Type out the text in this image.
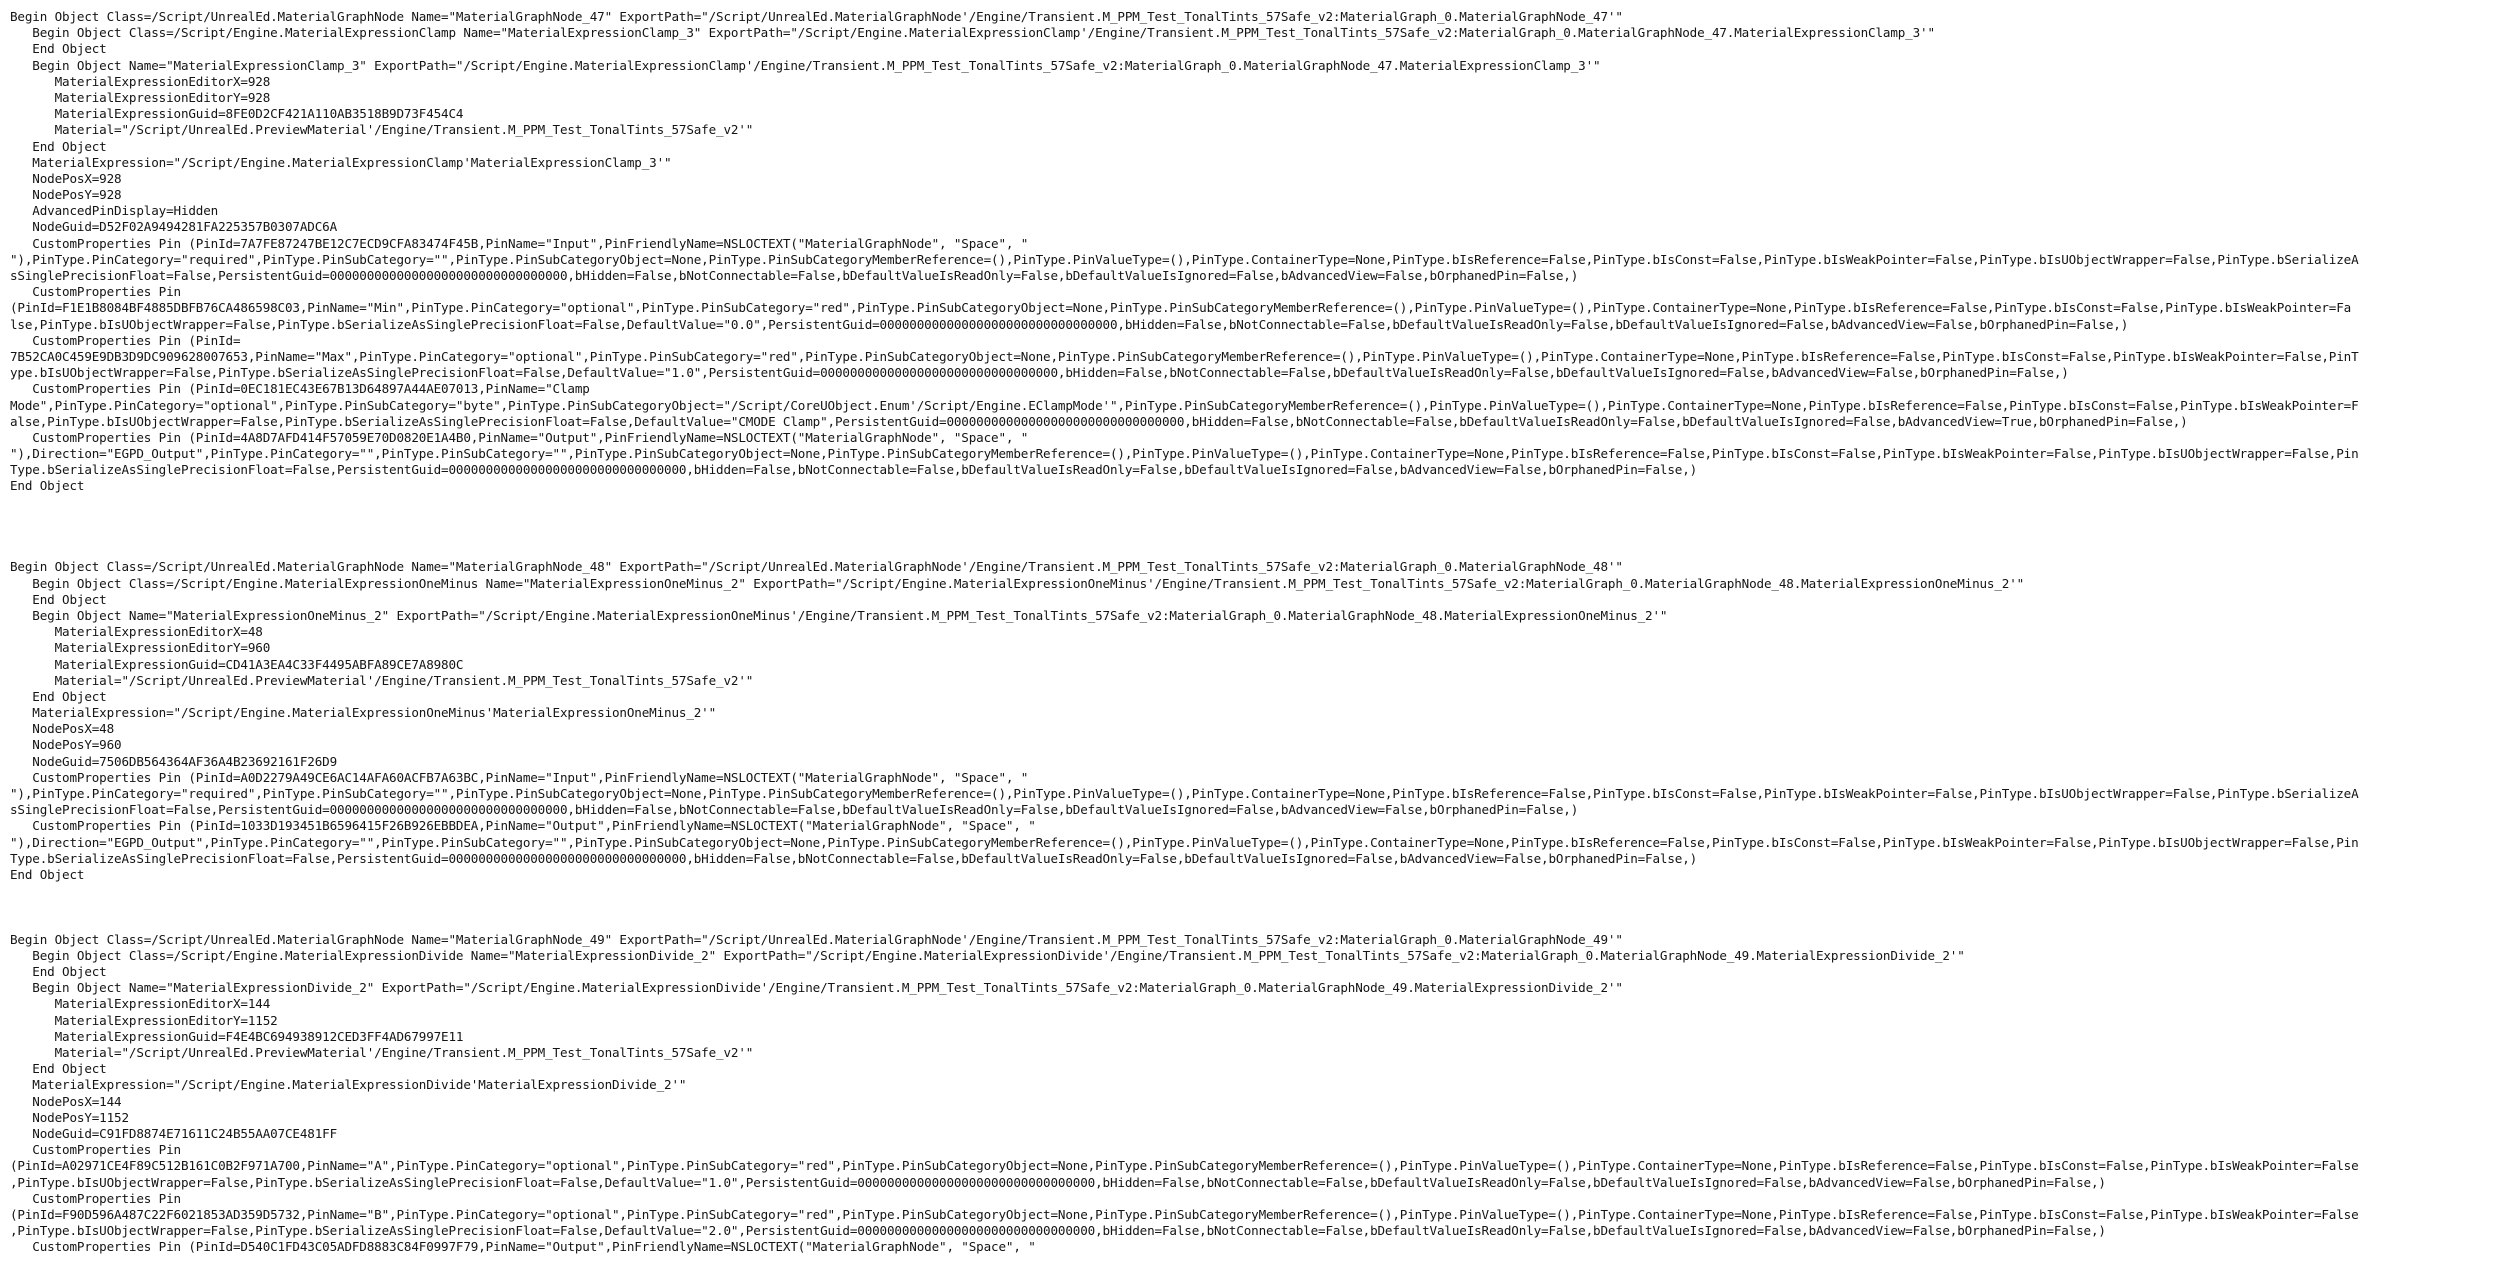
Begin Object Class=/Script/UnrealEd.MaterialGraphNode Name="MaterialGraphNode_47" ExportPath="/Script/UnrealEd.MaterialGraphNode'/Engine/Transient.M_PPM_Test_TonalTints_57Safe_v2:MaterialGraph_0.MaterialGraphNode_47'"
Begin Object Class=/Script/Engine.MaterialExpressionClamp Name="MaterialExpressionClamp_3" ExportPath="/Script/Engine.MaterialExpressionClamp'/Engine/Transient.M_PPM_Test_TonalTints_57Safe_v2:MaterialGraph_0.MaterialGraphNode_47.MaterialExpressionClamp_3'"
End Object
Begin Object Name="MaterialExpressionClamp_3" ExportPath="/Script/Engine.MaterialExpressionClamp'/Engine/Transient.M_PPM_Test_TonalTints_57Safe_v2:MaterialGraph_0.MaterialGraphNode_47.MaterialExpressionClamp_3'"
MaterialExpressionEditorX=928
MaterialExpressionEditorY=928
MaterialExpressionGuid=8FE0D2CF421A110AB3518B9D73F454C4
Material="/Script/UnrealEd.PreviewMaterial'/Engine/Transient.M_PPM_Test_TonalTints_57Safe_v2'"
End Object
MaterialExpression="/Script/Engine.MaterialExpressionClamp'MaterialExpressionClamp_3'"
NodePosX=928
NodePosY=928
AdvancedPinDisplay=Hidden
NodeGuid=D52F02A9494281FA225357B0307ADC6A
CustomProperties Pin (PinId=7A7FE87247BE12C7ECD9CFA83474F45B,PinName="Input",PinFriendlyName=NSLOCTEXT("MaterialGraphNode", "Space", "
"),PinType.PinCategory="required",PinType.PinSubCategory="",PinType.PinSubCategoryObject=None,PinType.PinSubCategoryMemberReference=(),PinType.PinValueType=(),PinType.ContainerType=None,PinType.bIsReference=False,PinType.bIsConst=False,PinType.bIsWeakPointer=False,PinType.bIsUObjectWrapper=False,PinType.bSerializeA
sSinglePrecisionFloat=False,PersistentGuid=00000000000000000000000000000000,bHidden=False,bNotConnectable=False,bDefaultValueIsReadOnly=False,bDefaultValueIsIgnored=False,bAdvancedView=False,bOrphanedPin=False,)
CustomProperties Pin
(PinId=F1E1B8084BF4885DBFB76CA486598C03,PinName="Min",PinType.PinCategory="optional",PinType.PinSubCategory="red",PinType.PinSubCategoryObject=None,PinType.PinSubCategoryMemberReference=(),PinType.PinValueType=(),PinType.ContainerType=None,PinType.bIsReference=False,PinType.bIsConst=False,PinType.bIsWeakPointer=Fa
lse,PinType.bIsUObjectWrapper=False,PinType.bSerializeAsSinglePrecisionFloat=False,DefaultValue="0.0",PersistentGuid=00000000000000000000000000000000,bHidden=False,bNotConnectable=False,bDefaultValueIsReadOnly=False,bDefaultValueIsIgnored=False,bAdvancedView=False,bOrphanedPin=False,)
CustomProperties Pin (PinId=
7B52CA0C459E9DB3D9DC909628007653,PinName="Max",PinType.PinCategory="optional",PinType.PinSubCategory="red",PinType.PinSubCategoryObject=None,PinType.PinSubCategoryMemberReference=(),PinType.PinValueType=(),PinType.ContainerType=None,PinType.bIsReference=False,PinType.bIsConst=False,PinType.bIsWeakPointer=False,PinT
ype.bIsUObjectWrapper=False,PinType.bSerializeAsSinglePrecisionFloat=False,DefaultValue="1.0",PersistentGuid=00000000000000000000000000000000,bHidden=False,bNotConnectable=False,bDefaultValueIsReadOnly=False,bDefaultValueIsIgnored=False,bAdvancedView=False,bOrphanedPin=False,)
CustomProperties Pin (PinId=0EC181EC43E67B13D64897A44AE07013,PinName="Clamp
Mode",PinType.PinCategory="optional",PinType.PinSubCategory="byte",PinType.PinSubCategoryObject="/Script/CoreUObject.Enum'/Script/Engine.EClampMode'",PinType.PinSubCategoryMemberReference=(),PinType.PinValueType=(),PinType.ContainerType=None,PinType.bIsReference=False,PinType.bIsConst=False,PinType.bIsWeakPointer=F
alse,PinType.bIsUObjectWrapper=False,PinType.bSerializeAsSinglePrecisionFloat=False,DefaultValue="CMODE Clamp",PersistentGuid=00000000000000000000000000000000,bHidden=False,bNotConnectable=False,bDefaultValueIsReadOnly=False,bDefaultValueIsIgnored=False,bAdvancedView=True,bOrphanedPin=False,)
CustomProperties Pin (PinId=4A8D7AFD414F57059E70D0820E1A4B0,PinName="Output",PinFriendlyName=NSLOCTEXT("MaterialGraphNode", "Space", "
"),Direction="EGPD_Output",PinType.PinCategory="",PinType.PinSubCategory="",PinType.PinSubCategoryObject=None,PinType.PinSubCategoryMemberReference=(),PinType.PinValueType=(),PinType.ContainerType=None,PinType.bIsReference=False,PinType.bIsConst=False,PinType.bIsWeakPointer=False,PinType.bIsUObjectWrapper=False,Pin
Type.bSerializeAsSinglePrecisionFloat=False,PersistentGuid=00000000000000000000000000000000,bHidden=False,bNotConnectable=False,bDefaultValueIsReadOnly=False,bDefaultValueIsIgnored=False,bAdvancedView=False,bOrphanedPin=False,)
End Object
Begin Object Class=/Script/UnrealEd.MaterialGraphNode Name="MaterialGraphNode_48" ExportPath="/Script/UnrealEd.MaterialGraphNode'/Engine/Transient.M_PPM_Test_TonalTints_57Safe_v2:MaterialGraph_0.MaterialGraphNode_48'"
Begin Object Class=/Script/Engine.MaterialExpressionOneMinus Name="MaterialExpressionOneMinus_2" ExportPath="/Script/Engine.MaterialExpressionOneMinus'/Engine/Transient.M_PPM_Test_TonalTints_57Safe_v2:MaterialGraph_0.MaterialGraphNode_48.MaterialExpressionOneMinus_2'"
End Object
Begin Object Name="MaterialExpressionOneMinus_2" ExportPath="/Script/Engine.MaterialExpressionOneMinus'/Engine/Transient.M_PPM_Test_TonalTints_57Safe_v2:MaterialGraph_0.MaterialGraphNode_48.MaterialExpressionOneMinus_2'"
MaterialExpressionEditorX=48
MaterialExpressionEditorY=960
MaterialExpressionGuid=CD41A3EA4C33F4495ABFA89CE7A8980C
Material="/Script/UnrealEd.PreviewMaterial'/Engine/Transient.M_PPM_Test_TonalTints_57Safe_v2'"
End Object
MaterialExpression="/Script/Engine.MaterialExpressionOneMinus'MaterialExpressionOneMinus_2'"
NodePosX=48
NodePosY=960
NodeGuid=7506DB564364AF36A4B23692161F26D9
CustomProperties Pin (PinId=A0D2279A49CE6AC14AFA60ACFB7A63BC,PinName="Input",PinFriendlyName=NSLOCTEXT("MaterialGraphNode", "Space", "
"),PinType.PinCategory="required",PinType.PinSubCategory="",PinType.PinSubCategoryObject=None,PinType.PinSubCategoryMemberReference=(),PinType.PinValueType=(),PinType.ContainerType=None,PinType.bIsReference=False,PinType.bIsConst=False,PinType.bIsWeakPointer=False,PinType.bIsUObjectWrapper=False,PinType.bSerializeA
sSinglePrecisionFloat=False,PersistentGuid=00000000000000000000000000000000,bHidden=False,bNotConnectable=False,bDefaultValueIsReadOnly=False,bDefaultValueIsIgnored=False,bAdvancedView=False,bOrphanedPin=False,)
CustomProperties Pin (PinId=1033D193451B6596415F26B926EBBDEA,PinName="Output",PinFriendlyName=NSLOCTEXT("MaterialGraphNode", "Space", "
"),Direction="EGPD_Output",PinType.PinCategory="",PinType.PinSubCategory="",PinType.PinSubCategoryObject=None,PinType.PinSubCategoryMemberReference=(),PinType.PinValueType=(),PinType.ContainerType=None,PinType.bIsReference=False,PinType.bIsConst=False,PinType.bIsWeakPointer=False,PinType.bIsUObjectWrapper=False,Pin
Type.bSerializeAsSinglePrecisionFloat=False,PersistentGuid=00000000000000000000000000000000,bHidden=False,bNotConnectable=False,bDefaultValueIsReadOnly=False,bDefaultValueIsIgnored=False,bAdvancedView=False,bOrphanedPin=False,)
End Object
Begin Object Class=/Script/UnrealEd.MaterialGraphNode Name="MaterialGraphNode_49" ExportPath="/Script/UnrealEd.MaterialGraphNode'/Engine/Transient.M_PPM_Test_TonalTints_57Safe_v2:MaterialGraph_0.MaterialGraphNode_49'"
Begin Object Class=/Script/Engine.MaterialExpressionDivide Name="MaterialExpressionDivide_2" ExportPath="/Script/Engine.MaterialExpressionDivide'/Engine/Transient.M_PPM_Test_TonalTints_57Safe_v2:MaterialGraph_0.MaterialGraphNode_49.MaterialExpressionDivide_2'"
End Object
Begin Object Name="MaterialExpressionDivide_2" ExportPath="/Script/Engine.MaterialExpressionDivide'/Engine/Transient.M_PPM_Test_TonalTints_57Safe_v2:MaterialGraph_0.MaterialGraphNode_49.MaterialExpressionDivide_2'"
MaterialExpressionEditorX=144
MaterialExpressionEditorY=1152
MaterialExpressionGuid=F4E4BC694938912CED3FF4AD67997E11
Material="/Script/UnrealEd.PreviewMaterial'/Engine/Transient.M_PPM_Test_TonalTints_57Safe_v2'"
End Object
MaterialExpression="/Script/Engine.MaterialExpressionDivide'MaterialExpressionDivide_2'"
NodePosX=144
NodePosY=1152
NodeGuid=C91FD8874E71611C24B55AA07CE481FF
CustomProperties Pin
(PinId=A02971CE4F89C512B161C0B2F971A700,PinName="A",PinType.PinCategory="optional",PinType.PinSubCategory="red",PinType.PinSubCategoryObject=None,PinType.PinSubCategoryMemberReference=(),PinType.PinValueType=(),PinType.ContainerType=None,PinType.bIsReference=False,PinType.bIsConst=False,PinType.bIsWeakPointer=False
,PinType.bIsUObjectWrapper=False,PinType.bSerializeAsSinglePrecisionFloat=False,DefaultValue="1.0",PersistentGuid=00000000000000000000000000000000,bHidden=False,bNotConnectable=False,bDefaultValueIsReadOnly=False,bDefaultValueIsIgnored=False,bAdvancedView=False,bOrphanedPin=False,)
CustomProperties Pin
(PinId=F90D596A487C22F6021853AD359D5732,PinName="B",PinType.PinCategory="optional",PinType.PinSubCategory="red",PinType.PinSubCategoryObject=None,PinType.PinSubCategoryMemberReference=(),PinType.PinValueType=(),PinType.ContainerType=None,PinType.bIsReference=False,PinType.bIsConst=False,PinType.bIsWeakPointer=False
,PinType.bIsUObjectWrapper=False,PinType.bSerializeAsSinglePrecisionFloat=False,DefaultValue="2.0",PersistentGuid=00000000000000000000000000000000,bHidden=False,bNotConnectable=False,bDefaultValueIsReadOnly=False,bDefaultValueIsIgnored=False,bAdvancedView=False,bOrphanedPin=False,)
CustomProperties Pin (PinId=D540C1FD43C05ADFD8883C84F0997F79,PinName="Output",PinFriendlyName=NSLOCTEXT("MaterialGraphNode", "Space", "
